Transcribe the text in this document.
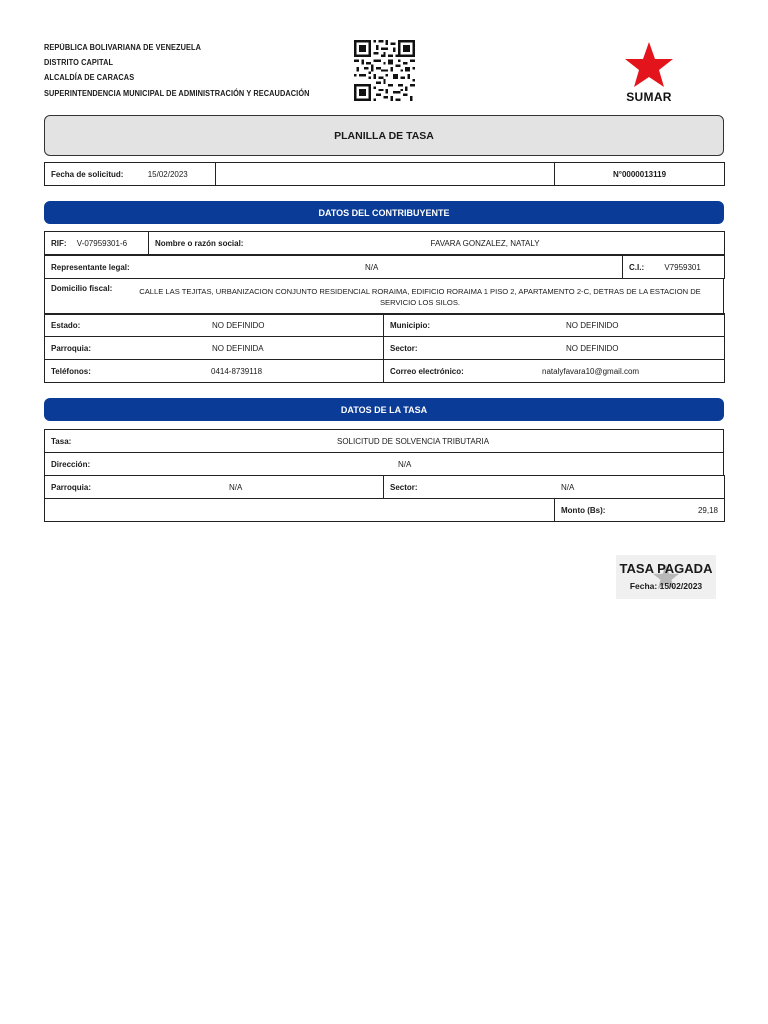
REPÚBLICA BOLIVARIANA DE VENEZUELA
DISTRITO CAPITAL
ALCALDÍA DE CARACAS
SUPERINTENDENCIA MUNICIPAL DE ADMINISTRACIÓN Y RECAUDACIÓN	SUMAR
PLANILLA DE TASA
Fecha de solicitud:	15/02/2023		N°0000013119
DATOS DEL CONTRIBUYENTE
RIF: V-07959301-6	Nombre o razón social:	FAVARA GONZALEZ, NATALY
Representante legal:	N/A	C.I.:	V7959301
Domicilio fiscal:	CALLE LAS TEJITAS, URBANIZACION CONJUNTO RESIDENCIAL RORAIMA, EDIFICIO RORAIMA 1 PISO 2, APARTAMENTO 2-C, DETRAS DE LA ESTACION DE SERVICIO LOS SILOS.
Estado: NO DEFINIDO	Municipio: NO DEFINIDO

Parroquia: NO DEFINIDA	Sector: NO DEFINIDO

Teléfonos: 0414-8739118	Correo electrónico: natalyfavara10@gmail.com
DATOS DE LA TASA
Tasa:	SOLICITUD DE SOLVENCIA TRIBUTARIA

Dirección:	N/A
Parroquia:	N/A	Sector:	N/A
	Monto (Bs):	29,18
TASA PAGADA
Fecha: 15/02/2023
